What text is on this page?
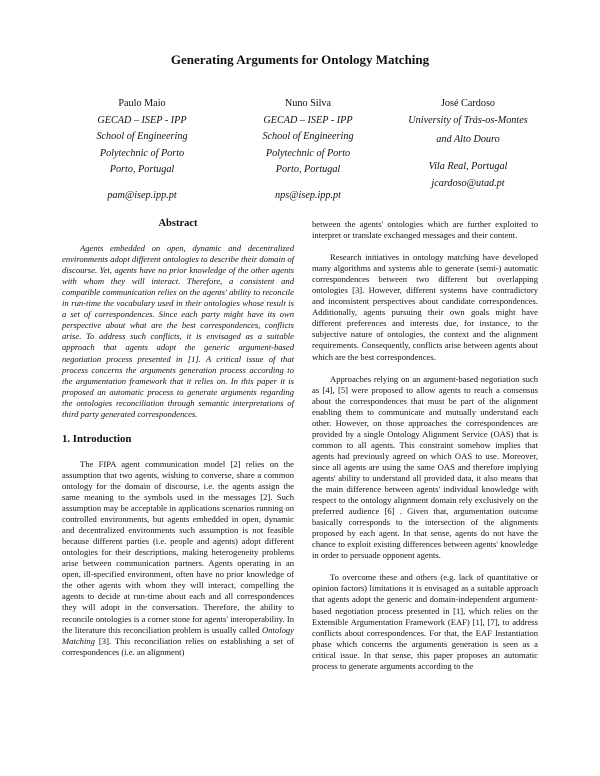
Generating Arguments for Ontology Matching
Paulo Maio
GECAD – ISEP - IPP
School of Engineering
Polytechnic of Porto
Porto, Portugal
pam@isep.ipp.pt
Nuno Silva
GECAD – ISEP - IPP
School of Engineering
Polytechnic of Porto
Porto, Portugal
nps@isep.ipp.pt
José Cardoso
University of Trás-os-Montes
and Alto Douro
Vila Real, Portugal
jcardoso@utad.pt
Abstract

Agents embedded on open, dynamic and decentralized environments adopt different ontologies to describe their domain of discourse. Yet, agents have no prior knowledge of the other agents with whom they will interact. Therefore, a consistent and compatible communication relies on the agents' ability to reconcile in run-time the vocabulary used in their ontologies whose result is a set of correspondences. Since each party might have its own perspective about what are the best correspondences, conflicts arise. To address such conflicts, it is envisaged as a suitable approach that agents adopt the generic argument-based negotiation process presented in [1]. A critical issue of that process concerns the arguments generation process according to the argumentation framework that it relies on. In this paper it is proposed an automatic process to generate arguments regarding the ontologies reconciliation through semantic interpretations of third party generated correspondences.

1. Introduction

The FIPA agent communication model [2] relies on the assumption that two agents, wishing to converse, share a common ontology for the domain of discourse, i.e. the agents assign the same meaning to the symbols used in the messages [2]. Such assumption may be acceptable in applications scenarios running on controlled environments, but agents embedded in open, dynamic and decentralized environments such assumption is not feasible because different parties (i.e. people and agents) adopt different ontologies for their descriptions, making heterogeneity problems arise between communication partners. Agents operating in an open, ill-specified environment, often have no prior knowledge of the other agents with whom they will interact, compelling the agents to decide at run-time about each and all correspondences they will adopt in the conversation. Therefore, the ability to reconcile ontologies is a corner stone for agents' interoperability. In the literature this reconciliation problem is usually called Ontology Matching [3]. This reconciliation relies on establishing a set of correspondences (i.e. an alignment)

between the agents' ontologies which are further exploited to interpret or translate exchanged messages and their content.

Research initiatives in ontology matching have developed many algorithms and systems able to generate (semi-) automatic correspondences between two different but overlapping ontologies [3]. However, different systems have contradictory and inconsistent perspectives about candidate correspondences. Additionally, agents pursuing their own goals might have different preferences and interests due, for instance, to the subjective nature of ontologies, the context and the alignment requirements. Consequently, conflicts arise between agents about which are the best correspondences.

Approaches relying on an argument-based negotiation such as [4], [5] were proposed to allow agents to reach a consensus about the correspondences that must be part of the alignment enabling them to communicate and mutually understand each other. However, on those approaches the correspondences are provided by a single Ontology Alignment Service (OAS) that is common to all agents. This constraint somehow implies that agents had previously agreed on which OAS to use. Moreover, since all agents are using the same OAS and therefore implying agents' ability to understand all provided data, it also means that the main difference between agents' individual knowledge with respect to the ontology alignment domain rely exclusively on the preferred audience [6] . Given that, argumentation outcome basically corresponds to the intersection of the alignments proposed by each agent. In that sense, agents do not have the chance to exploit existing differences between agents' knowledge in order to persuade opponent agents.

To overcome these and others (e.g. lack of quantitative or opinion factors) limitations it is envisaged as a suitable approach that agents adopt the generic and domain-independent argument-based negotiation process presented in [1], which relies on the Extensible Argumentation Framework (EAF) [1], [7], to address conflicts about correspondences. For that, the EAF Instantiation phase which concerns the arguments generation is seen as a critical issue. In that sense, this paper proposes an automatic process to generate arguments according to the
